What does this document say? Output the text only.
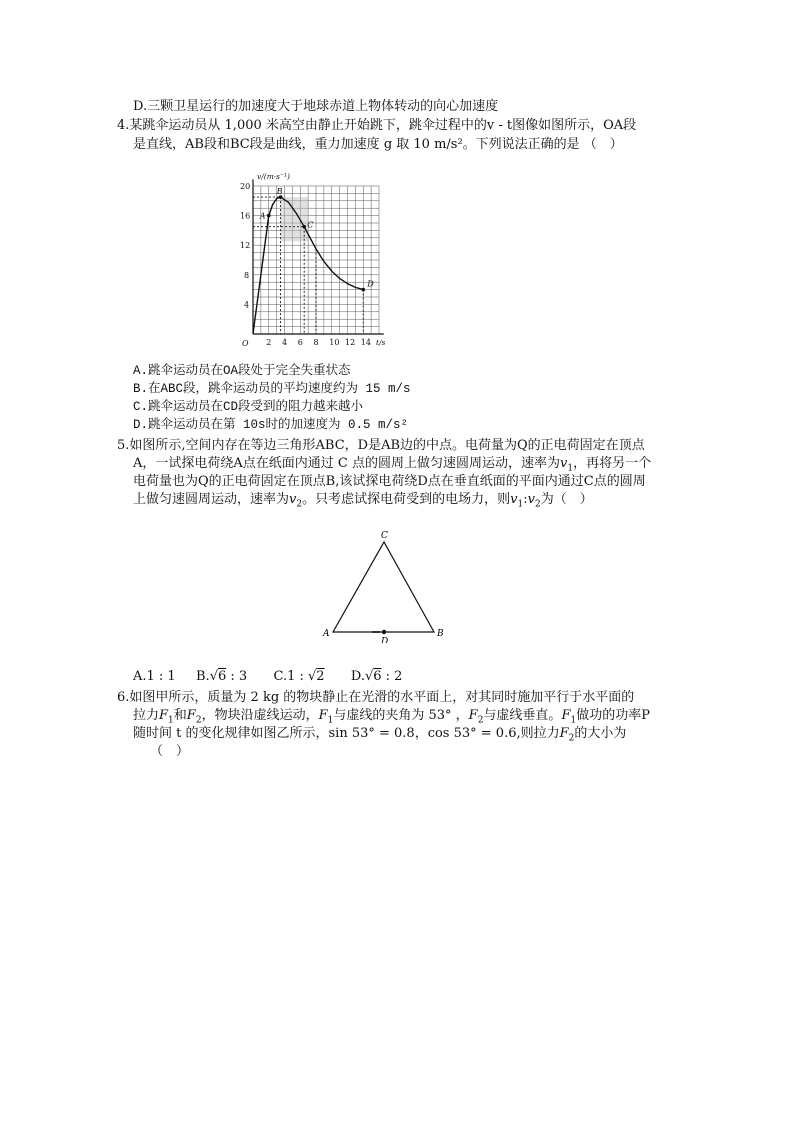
D.三颗卫星运行的加速度大于地球赤道上物体转动的向心加速度
4.某跳伞运动员从 1,000 米高空由静止开始跳下，跳伞过程中的v - t图像如图所示，OA段
是直线，AB段和BC段是曲线，重力加速度 g 取 10 m/s²。下列说法正确的是 （　）
2 4 6 8 10 12 14
4
8
12
16
20
O
v/(m·s⁻¹)
t/s
A
B
C
D
A.跳伞运动员在OA段处于完全失重状态
B.在ABC段，跳伞运动员的平均速度约为 15 m/s
C.跳伞运动员在CD段受到的阻力越来越小
D.跳伞运动员在第 10s时的加速度为 0.5 m/s²
5.如图所示,空间内存在等边三角形ABC，D是AB边的中点。电荷量为Q的正电荷固定在顶点
A，一试探电荷绕A点在纸面内通过 C 点的圆周上做匀速圆周运动，速率为$v_1$，再将另一个
电荷量也为Q的正电荷固定在顶点B,该试探电荷绕D点在垂直纸面的平面内通过C点的圆周
上做匀速圆周运动，速率为$v_2$。只考虑试探电荷受到的电场力，则$v_1:v_2$为（　）
C
A	B
D
A.1 : 1 B.√6 : 3 C.1 : √2 D.√6 : 2
6.如图甲所示，质量为 2 kg 的物块静止在光滑的水平面上，对其同时施加平行于水平面的
拉力$F_1$和$F_2$，物块沿虚线运动，$F_1$与虚线的夹角为 53° ，$F_2$与虚线垂直。$F_1$做功的功率P
随时间 t 的变化规律如图乙所示，sin 53° = 0.8，cos 53° = 0.6,则拉力$F_2$的大小为
（　）
